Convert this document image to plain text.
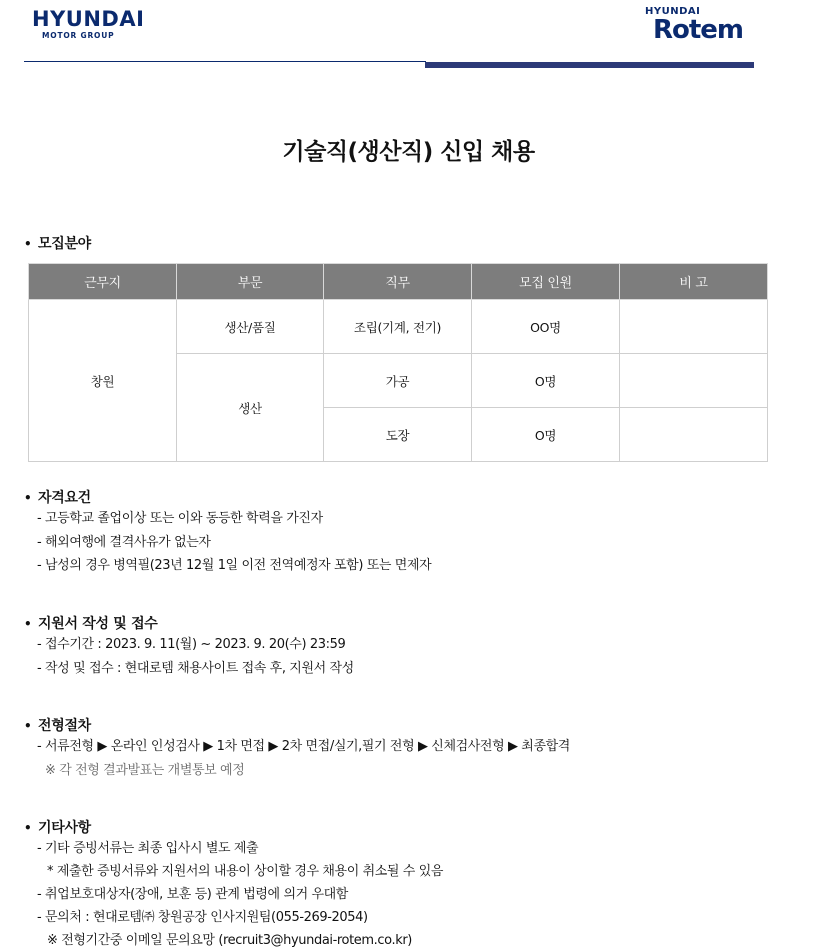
HYUNDAI
MOTOR GROUP
HYUNDAI
Rotem
기술직(생산직) 신입 채용
• 모집분야
근무지	부문	직무	모집 인원	비 고
창원	생산/품질	조립(기계, 전기)	OO명	
	생산	가공	O명	
		도장	O명	
• 자격요건
- 고등학교 졸업이상 또는 이와 동등한 학력을 가진자
- 해외여행에 결격사유가 없는자
- 남성의 경우 병역필(23년 12월 1일 이전 전역예정자 포함) 또는 면제자
• 지원서 작성 및 접수
- 접수기간 : 2023. 9. 11(월) ~ 2023. 9. 20(수) 23:59
- 작성 및 접수 : 현대로템 채용사이트 접속 후, 지원서 작성
• 전형절차
- 서류전형 ▶ 온라인 인성검사 ▶ 1차 면접 ▶ 2차 면접/실기,필기 전형 ▶ 신체검사전형 ▶ 최종합격
※ 각 전형 결과발표는 개별통보 예정
• 기타사항
- 기타 증빙서류는 최종 입사시 별도 제출
* 제출한 증빙서류와 지원서의 내용이 상이할 경우 채용이 취소될 수 있음
- 취업보호대상자(장애, 보훈 등) 관계 법령에 의거 우대함
- 문의처 : 현대로템㈜ 창원공장 인사지원팀(055-269-2054)
※ 전형기간중 이메일 문의요망 (recruit3@hyundai-rotem.co.kr)
